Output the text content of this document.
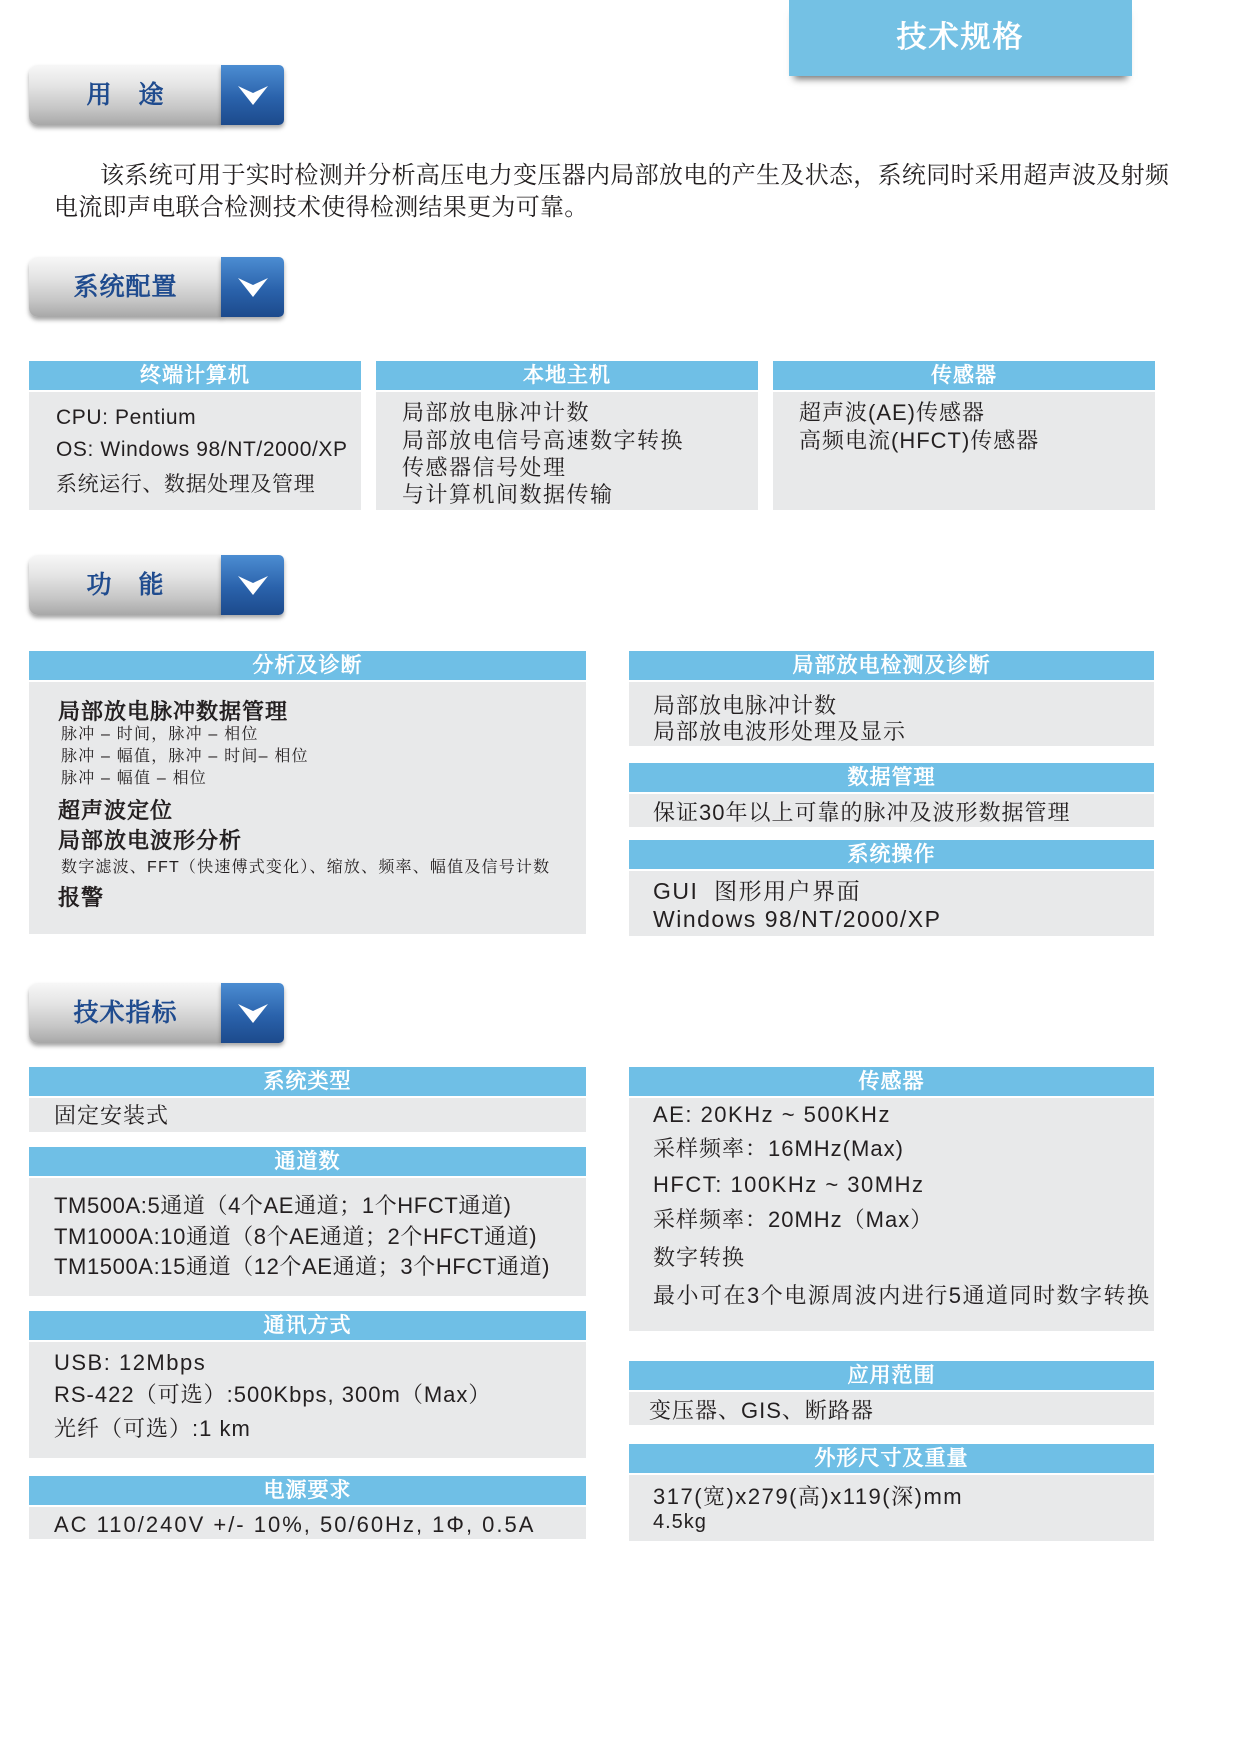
技术规格
用　途
该系统可用于实时检测并分析高压电力变压器内局部放电的产生及状态，系统同时采用超声波及射频
电流即声电联合检测技术使得检测结果更为可靠。
系统配置
终端计算机
CPU: Pentium
OS: Windows 98/NT/2000/XP
系统运行、数据处理及管理
本地主机
局部放电脉冲计数
局部放电信号高速数字转换
传感器信号处理
与计算机间数据传输
传感器
超声波(AE)传感器
高频电流(HFCT)传感器
功　能
分析及诊断
局部放电脉冲数据管理
脉冲 – 时间，脉冲 – 相位
脉冲 – 幅值，脉冲 – 时间– 相位
脉冲 – 幅值 – 相位
超声波定位
局部放电波形分析
数字滤波、FFT（快速傅式变化）、缩放、频率、幅值及信号计数
报警
局部放电检测及诊断
局部放电脉冲计数
局部放电波形处理及显示
数据管理
保证30年以上可靠的脉冲及波形数据管理
系统操作
GUI  图形用户界面
Windows 98/NT/2000/XP
技术指标
系统类型
固定安装式
通道数
TM500A:5通道（4个AE通道；1个HFCT通道)
TM1000A:10通道（8个AE通道；2个HFCT通道)
TM1500A:15通道（12个AE通道；3个HFCT通道)
通讯方式
USB: 12Mbps
RS-422（可选）:500Kbps, 300m（Max）
光纤（可选）:1 km
电源要求
AC 110/240V +/- 10%, 50/60Hz, 1Φ, 0.5A
传感器
AE: 20KHz ~ 500KHz
采样频率：16MHz(Max)
HFCT: 100KHz ~ 30MHz
采样频率：20MHz（Max）
数字转换
最小可在3个电源周波内进行5通道同时数字转换
应用范围
变压器、GIS、断路器
外形尺寸及重量
317(宽)x279(高)x119(深)mm
4.5kg
